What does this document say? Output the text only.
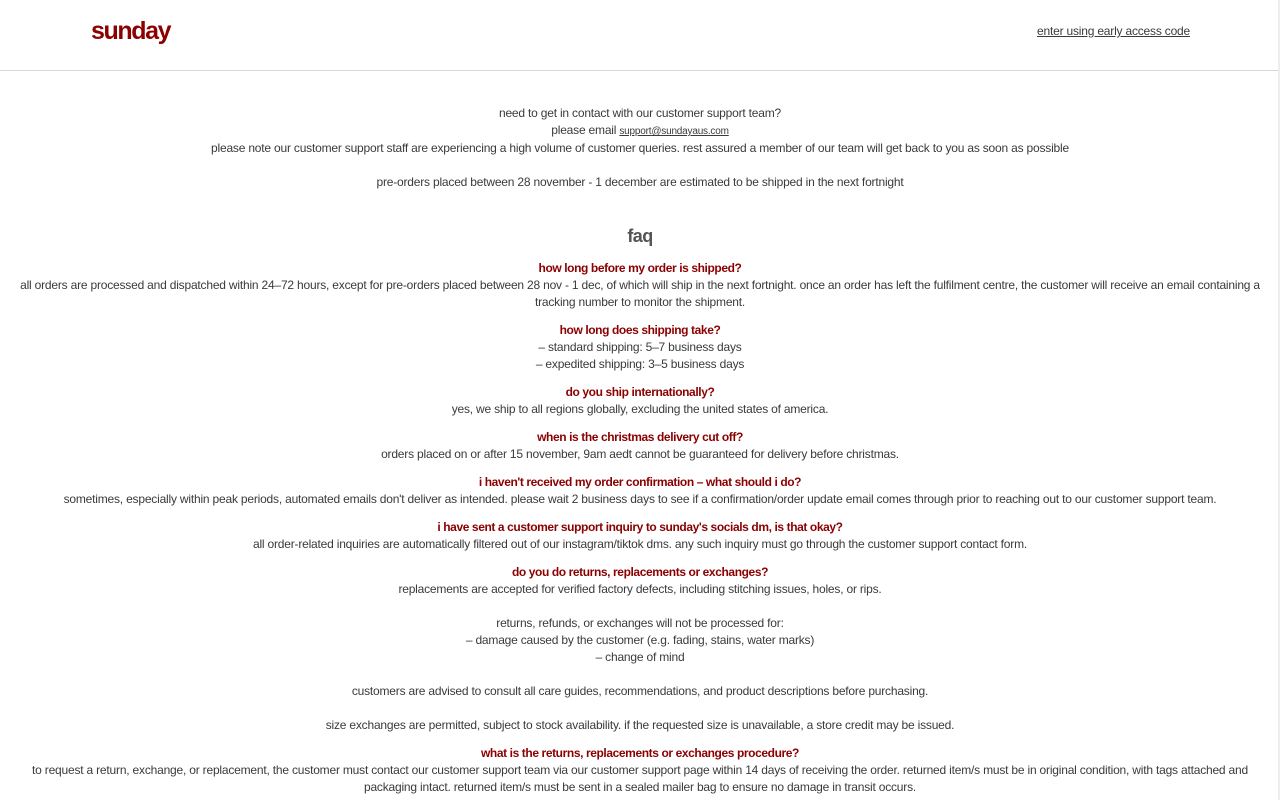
sunday	enter using early access code

need to get in contact with our customer support team?

please email support@sundayaus.com

please note our customer support staff are experiencing a high volume of customer queries. rest assured a member of our team will get back to you as soon as possible

pre-orders placed between 28 november - 1 december are estimated to be shipped in the next fortnight

faq

how long before my order is shipped?

all orders are processed and dispatched within 24–72 hours, except for pre-orders placed between 28 nov - 1 dec, of which will ship in the next fortnight. once an order has left the fulfilment centre, the customer will receive an email containing a tracking number to monitor the shipment.

how long does shipping take?

– standard shipping: 5–7 business days

– expedited shipping: 3–5 business days

do you ship internationally?

yes, we ship to all regions globally, excluding the united states of america.

when is the christmas delivery cut off?

orders placed on or after 15 november, 9am aedt cannot be guaranteed for delivery before christmas.

i haven't received my order confirmation – what should i do?

sometimes, especially within peak periods, automated emails don't deliver as intended. please wait 2 business days to see if a confirmation/order update email comes through prior to reaching out to our customer support team.

i have sent a customer support inquiry to sunday's socials dm, is that okay?

all order-related inquiries are automatically filtered out of our instagram/tiktok dms. any such inquiry must go through the customer support contact form.

do you do returns, replacements or exchanges?

replacements are accepted for verified factory defects, including stitching issues, holes, or rips.

returns, refunds, or exchanges will not be processed for:

– damage caused by the customer (e.g. fading, stains, water marks)

– change of mind

customers are advised to consult all care guides, recommendations, and product descriptions before purchasing.

size exchanges are permitted, subject to stock availability. if the requested size is unavailable, a store credit may be issued.

what is the returns, replacements or exchanges procedure?

to request a return, exchange, or replacement, the customer must contact our customer support team via our customer support page within 14 days of receiving the order. returned item/s must be in original condition, with tags attached and packaging intact. returned item/s must be sent in a sealed mailer bag to ensure no damage in transit occurs.
